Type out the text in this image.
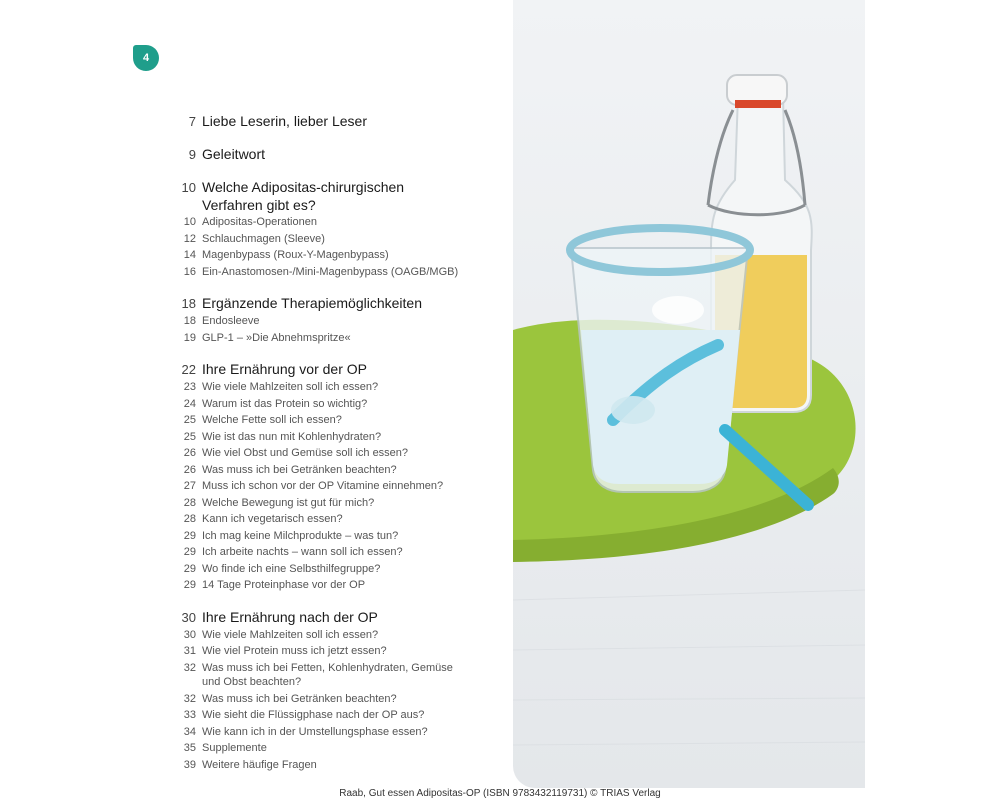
4
7 Liebe Leserin, lieber Leser
9 Geleitwort
10 Welche Adipositas-chirurgischen Verfahren gibt es?
10 Adipositas-Operationen
12 Schlauchmagen (Sleeve)
14 Magenbypass (Roux-Y-Magenbypass)
16 Ein-Anastomosen-/Mini-Magenbypass (OAGB/MGB)
18 Ergänzende Therapiemöglichkeiten
18 Endosleeve
19 GLP-1 – »Die Abnehmspritze«
22 Ihre Ernährung vor der OP
23 Wie viele Mahlzeiten soll ich essen?
24 Warum ist das Protein so wichtig?
25 Welche Fette soll ich essen?
25 Wie ist das nun mit Kohlenhydraten?
26 Wie viel Obst und Gemüse soll ich essen?
26 Was muss ich bei Getränken beachten?
27 Muss ich schon vor der OP Vitamine einnehmen?
28 Welche Bewegung ist gut für mich?
28 Kann ich vegetarisch essen?
29 Ich mag keine Milchprodukte – was tun?
29 Ich arbeite nachts – wann soll ich essen?
29 Wo finde ich eine Selbsthilfegruppe?
29 14 Tage Proteinphase vor der OP
30 Ihre Ernährung nach der OP
30 Wie viele Mahlzeiten soll ich essen?
31 Wie viel Protein muss ich jetzt essen?
32 Was muss ich bei Fetten, Kohlenhydraten, Gemüse und Obst beachten?
32 Was muss ich bei Getränken beachten?
33 Wie sieht die Flüssigphase nach der OP aus?
34 Wie kann ich in der Umstellungsphase essen?
35 Supplemente
39 Weitere häufige Fragen
Raab, Gut essen Adipositas-OP (ISBN 9783432119731) © TRIAS Verlag
